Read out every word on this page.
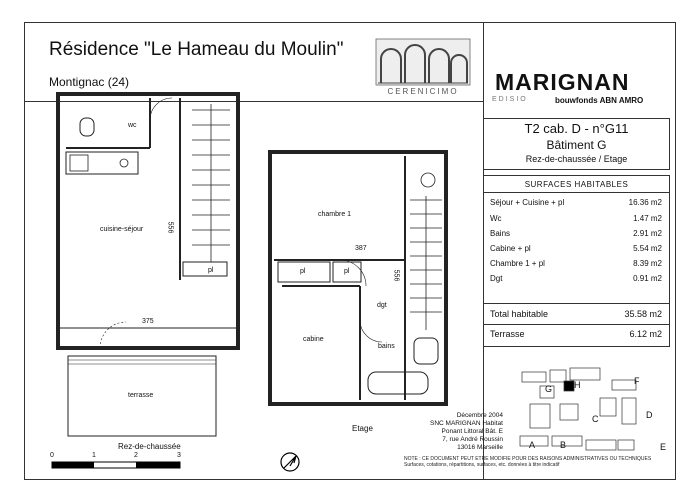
Résidence "Le Hameau du Moulin"
Montignac (24)
CERENICIMO	MARIGNAN
EDISIO	bouwfonds ABN AMRO
T2 cab. D - n°G11
Bâtiment G
Rez-de-chaussée / Etage
SURFACES HABITABLES
Séjour + Cuisine + pl	16.36 m2
Wc	1.47 m2
Bains	2.91 m2
Cabine + pl	5.54 m2
Chambre 1 + pl	8.39 m2
Dgt	0.91 m2
Total habitable	35.58 m2
Terrasse	6.12 m2
wc
cuisine-séjour
terrasse
chambre 1
cabine
bains
dgt
pl	pl
pl
556
375
387
556
Rez-de-chaussée
Etage
0	1	2	3
A	B
C	D
E
F
G H
Décembre 2004
SNC MARIGNAN Habitat
Ponant Littoral Bât. E
7, rue André Roussin
13016 Marseille
NOTE : CE DOCUMENT PEUT ETRE MODIFIE POUR DES RAISONS ADMINISTRATIVES OU TECHNIQUES
Surfaces, cotations, répartitions, surfaces, etc. données à titre indicatif
